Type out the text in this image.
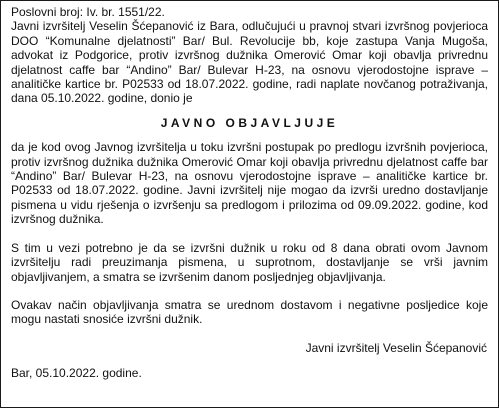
Poslovni broj: Iv. br. 1551/22.

Javni izvršitelj Veselin Šćepanović iz Bara, odlučujući u pravnoj stvari izvršnog povjerioca DOO “Komunalne djelatnosti” Bar/ Bul. Revolucije bb, koje zastupa Vanja Mugoša, advokat iz Podgorice, protiv izvršnog dužnika Omerović Omar koji obavlja privrednu djelatnost caffe bar “Andino” Bar/ Bulevar H-23, na osnovu vjerodostojne isprave – analitičke kartice br. P02533 od 18.07.2022. godine, radi naplate novčanog potraživanja, dana 05.10.2022. godine, donio je

JAVNO OBJAVLJUJE

da je kod ovog Javnog izvršitelja u toku izvršni postupak po predlogu izvršnih povjerioca, protiv izvršnog dužnika dužnika Omerović Omar koji obavlja privrednu djelatnost caffe bar “Andino” Bar/ Bulevar H-23, na osnovu vjerodostojne isprave – analitičke kartice br. P02533 od 18.07.2022. godine. Javni izvršitelj nije mogao da izvrši uredno dostavljanje pismena u vidu rješenja o izvršenju sa predlogom i prilozima od 09.09.2022. godine, kod izvršnog dužnika.

S tim u vezi potrebno je da se izvršni dužnik u roku od 8 dana obrati ovom Javnom izvršitelju radi preuzimanja pismena, u suprotnom, dostavljanje se vrši javnim objavljivanjem, a smatra se izvršenim danom posljednjeg objavljivanja.

Ovakav način objavljivanja smatra se urednom dostavom i negativne posljedice koje mogu nastati snosiće izvršni dužnik.

Javni izvršitelj Veselin Šćepanović

Bar, 05.10.2022. godine.
